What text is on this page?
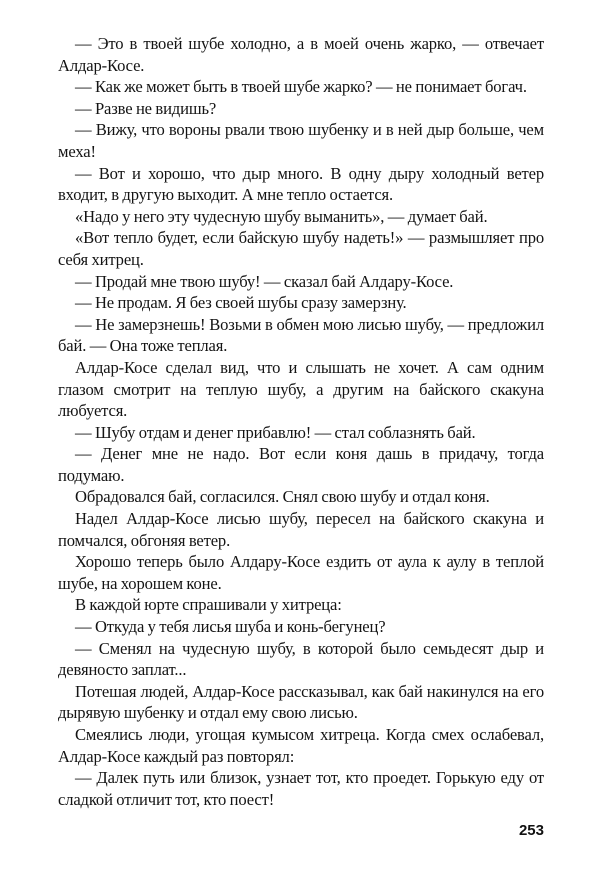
— Это в твоей шубе холодно, а в моей очень жарко, — отвечает Алдар-Косе.

— Как же может быть в твоей шубе жарко? — не понимает богач.

— Разве не видишь?

— Вижу, что вороны рвали твою шубенку и в ней дыр больше, чем меха!

— Вот и хорошо, что дыр много. В одну дыру холодный ветер входит, в другую выходит. А мне тепло остается.

«Надо у него эту чудесную шубу выманить», — думает бай.

«Вот тепло будет, если байскую шубу надеть!» — размышляет про себя хитрец.

— Продай мне твою шубу! — сказал бай Алдару-Косе.

— Не продам. Я без своей шубы сразу замерзну.

— Не замерзнешь! Возьми в обмен мою лисью шубу, — предложил бай. — Она тоже теплая.

Алдар-Косе сделал вид, что и слышать не хочет. А сам одним глазом смотрит на теплую шубу, а другим на байского скакуна любуется.

— Шубу отдам и денег прибавлю! — стал соблазнять бай.

— Денег мне не надо. Вот если коня дашь в придачу, тогда подумаю.

Обрадовался бай, согласился. Снял свою шубу и отдал коня.

Надел Алдар-Косе лисью шубу, пересел на байского скакуна и помчался, обгоняя ветер.

Хорошо теперь было Алдару-Косе ездить от аула к аулу в теплой шубе, на хорошем коне.

В каждой юрте спрашивали у хитреца:

— Откуда у тебя лисья шуба и конь-бегунец?

— Сменял на чудесную шубу, в которой было семьдесят дыр и девяносто заплат...

Потешая людей, Алдар-Косе рассказывал, как бай накинулся на его дырявую шубенку и отдал ему свою лисью.

Смеялись люди, угощая кумысом хитреца. Когда смех ослабевал, Алдар-Косе каждый раз повторял:

— Далек путь или близок, узнает тот, кто проедет. Горькую еду от сладкой отличит тот, кто поест!

253
